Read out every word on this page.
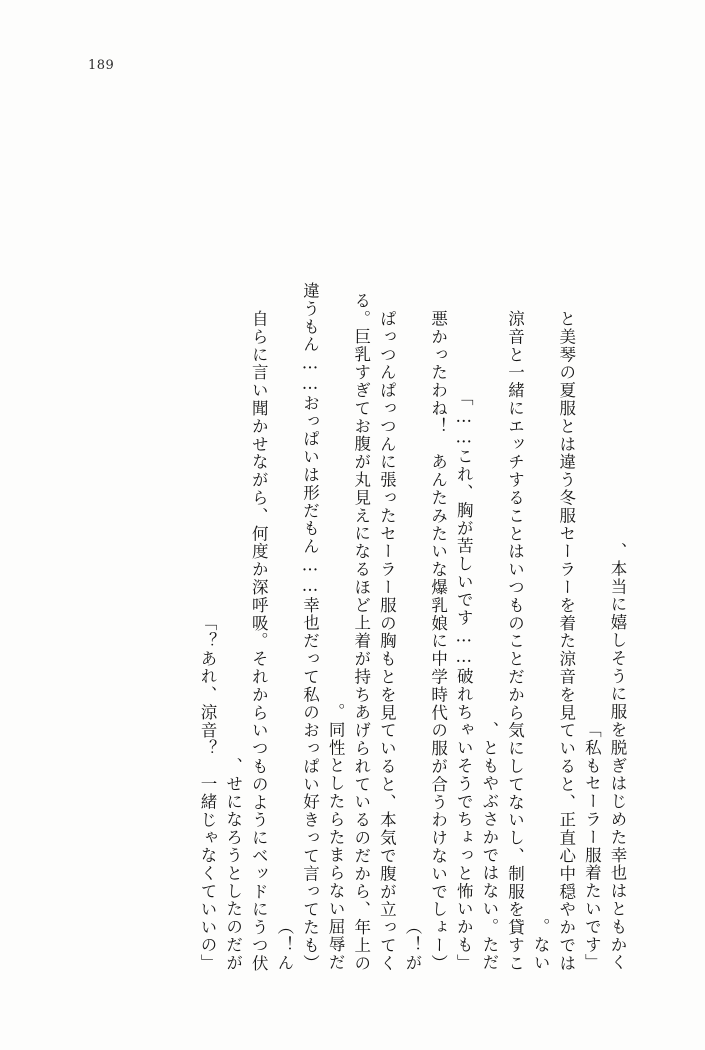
189
本当に嬉しそうに服を脱ぎはじめた幸也はともかく、
「私もセーラー服着たいです」
と美琴の夏服とは違う冬服セーラーを着た涼音を見ていると、正直心中穏やかでは
ない。
涼音と一緒にエッチすることはいつものことだから気にしてないし、制服を貸すこ
ともやぶさかではない。ただ、
「これ、胸が苦しいです……破れちゃいそうでちょっと怖いかも……」
（悪かったわね！　あんたみたいな爆乳娘に中学時代の服が合うわけないでしょー
が！）
ぱっつんぱっつんに張ったセーラー服の胸もとを見ていると、本気で腹が立ってく
る。巨乳すぎてお腹が丸見えになるほど上着が持ちあげられているのだから、年上の
同性としたらたまらない屈辱だ。
（違うもん……おっぱいは形だもん……幸也だって私のおっぱい好きって言ってたも
ん！）
自らに言い聞かせながら、何度か深呼吸。それからいつものようにベッドにうつ伏
せになろうとしたのだが、
「あれ、涼音？　一緒じゃなくていいの？」
